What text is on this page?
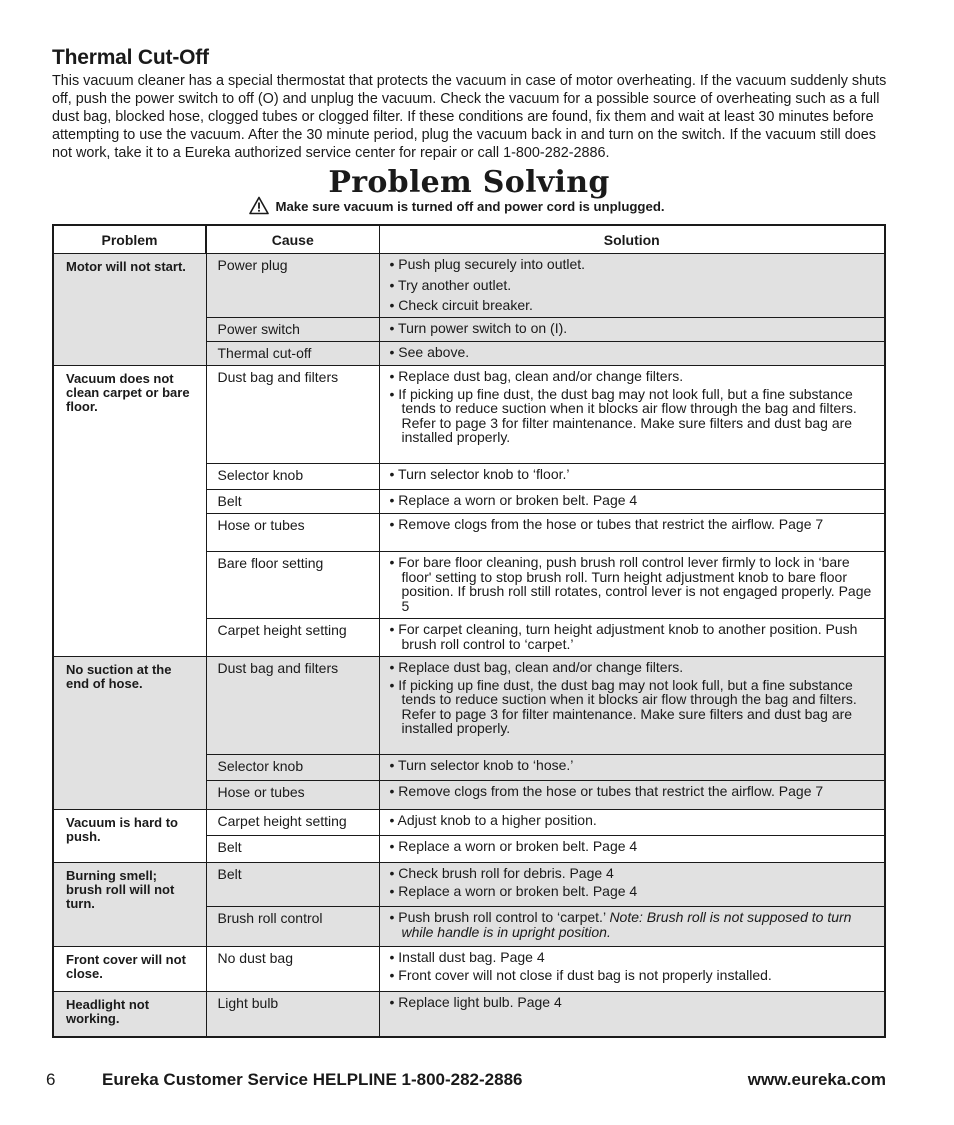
Thermal Cut-Off

This vacuum cleaner has a special thermostat that protects the vacuum in case of motor overheating. If the vacuum suddenly shuts off, push the power switch to off (O) and unplug the vacuum. Check the vacuum for a possible source of overheating such as a full dust bag, blocked hose, clogged tubes or clogged filter. If these conditions are found, fix them and wait at least 30 minutes before attempting to use the vacuum. After the 30 minute period, plug the vacuum back in and turn on the switch. If the vacuum still does not work, take it to a Eureka authorized service center for repair or call 1-800-282-2886.

Problem Solving
Make sure vacuum is turned off and power cord is unplugged.
Problem	Cause	Solution
Motor will not start.	Power plug	• Push plug securely into outlet.
• Try another outlet.
• Check circuit breaker.

	Power switch	• Turn power switch to on (I).

	Thermal cut-off	• See above.

Vacuum does not clean carpet or bare floor.	Dust bag and filters	• Replace dust bag, clean and/or change filters.
• If picking up fine dust, the dust bag may not look full, but a fine substance tends to reduce suction when it blocks air flow through the bag and filters. Refer to page 3 for filter maintenance. Make sure filters and dust bag are installed properly.

	Selector knob	• Turn selector knob to ‘floor.’

	Belt	• Replace a worn or broken belt. Page 4

	Hose or tubes	• Remove clogs from the hose or tubes that restrict the airflow. Page 7

	Bare floor setting	• For bare floor cleaning, push brush roll control lever firmly to lock in ‘bare floor' setting to stop brush roll. Turn height adjustment knob to bare floor position. If brush roll still rotates, control lever is not engaged properly. Page 5

	Carpet height setting	• For carpet cleaning, turn height adjustment knob to another position. Push brush roll control to ‘carpet.’

No suction at the end of hose.	Dust bag and filters	• Replace dust bag, clean and/or change filters.
• If picking up fine dust, the dust bag may not look full, but a fine substance tends to reduce suction when it blocks air flow through the bag and filters. Refer to page 3 for filter maintenance. Make sure filters and dust bag are installed properly.

	Selector knob	• Turn selector knob to ‘hose.’

	Hose or tubes	• Remove clogs from the hose or tubes that restrict the airflow. Page 7

Vacuum is hard to push.	Carpet height setting	• Adjust knob to a higher position.

	Belt	• Replace a worn or broken belt. Page 4

Burning smell; brush roll will not turn.	Belt	• Check brush roll for debris. Page 4
• Replace a worn or broken belt. Page 4

	Brush roll control	• Push brush roll control to ‘carpet.’ Note: Brush roll is not supposed to turn while handle is in upright position.

Front cover will not close.	No dust bag	• Install dust bag. Page 4
• Front cover will not close if dust bag is not properly installed.

Headlight not working.	Light bulb	• Replace light bulb. Page 4
6	Eureka Customer Service HELPLINE 1-800-282-2886	www.eureka.com
